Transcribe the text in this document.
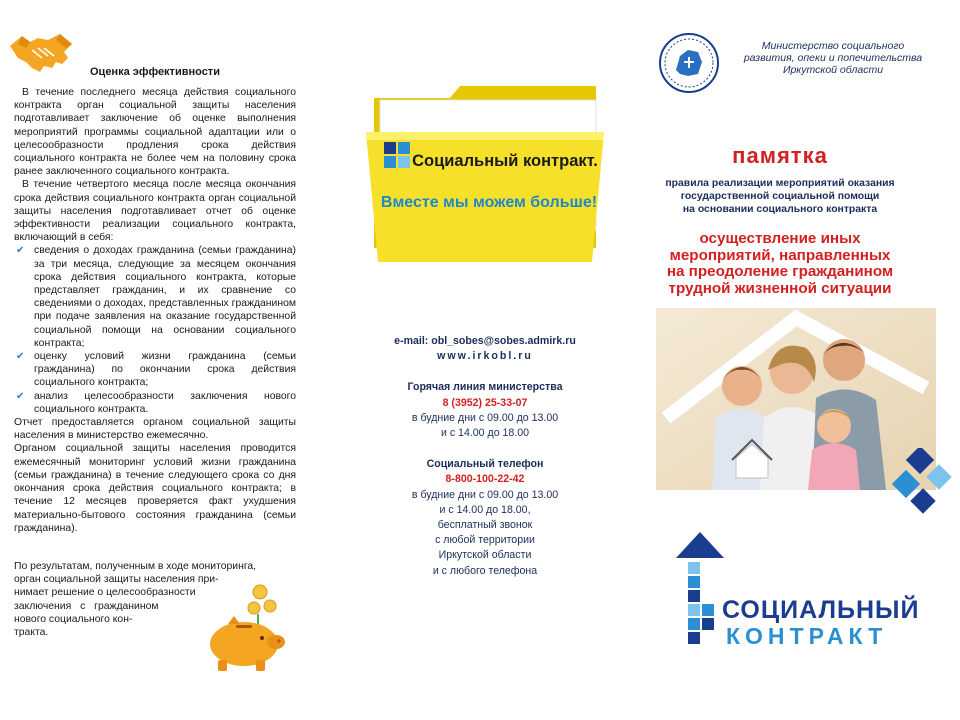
Оценка эффективности

В течение последнего месяца действия социального контракта орган социальной защиты населения подготавливает заключение об оценке выполнения мероприятий программы социальной адаптации или о целесообразности продления срока действия социального контракта не более чем на половину срока ранее заключенного социального контракта.

В течение четвертого месяца после месяца окончания срока действия социального контракта орган социальной защиты населения подготавливает отчет об оценке эффективности реализации социального контракта, включающий в себя:

✔ сведения о доходах гражданина (семьи гражданина) за три месяца, следующие за месяцем окончания срока действия социального контракта, которые представляет гражданин, и их сравнение со сведениями о доходах, представленных гражданином при подаче заявления на оказание государственной социальной помощи на основании социального контракта;
✔ оценку условий жизни гражданина (семьи гражданина) по окончании срока действия социального контракта;
✔ анализ целесообразности заключения нового социального контракта.

Отчет предоставляется органом социальной защиты населения в министерство ежемесячно.

Органом социальной защиты населения проводится ежемесячный мониторинг условий жизни гражданина (семьи гражданина) в течение следующего срока со дня окончания срока действия социального контракта; в течение 12 месяцев проверяется факт ухудшения материально-бытового состояния гражданина (семьи гражданина).

По результатам, полученным в ходе мониторинга,

орган социальной защиты населения при-

нимает решение о целесообразности

заключения с гражданином

нового социального кон-

тракта.

Социальный контракт.
Вместе мы можем больше!
e-mail: obl_sobes@sobes.admirk.ru
www.irkobl.ru
Горячая линия министерства
8 (3952) 25-33-07
в будние дни с 09.00 до 13.00
и с 14.00 до 18.00
Социальный телефон
8-800-100-22-42
в будние дни с 09.00 до 13.00
и с 14.00 до 18.00,
бесплатный звонок
с любой территории
Иркутской области
и с любого телефона
Министерство социального
развития, опеки и попечительства
Иркутской области
памятка
правила реализации мероприятий оказания
государственной социальной помощи
на основании социального контракта
осуществление иных
мероприятий, направленных
на преодоление гражданином
трудной жизненной ситуации
СОЦИАЛЬНЫЙ
КОНТРАКТ
